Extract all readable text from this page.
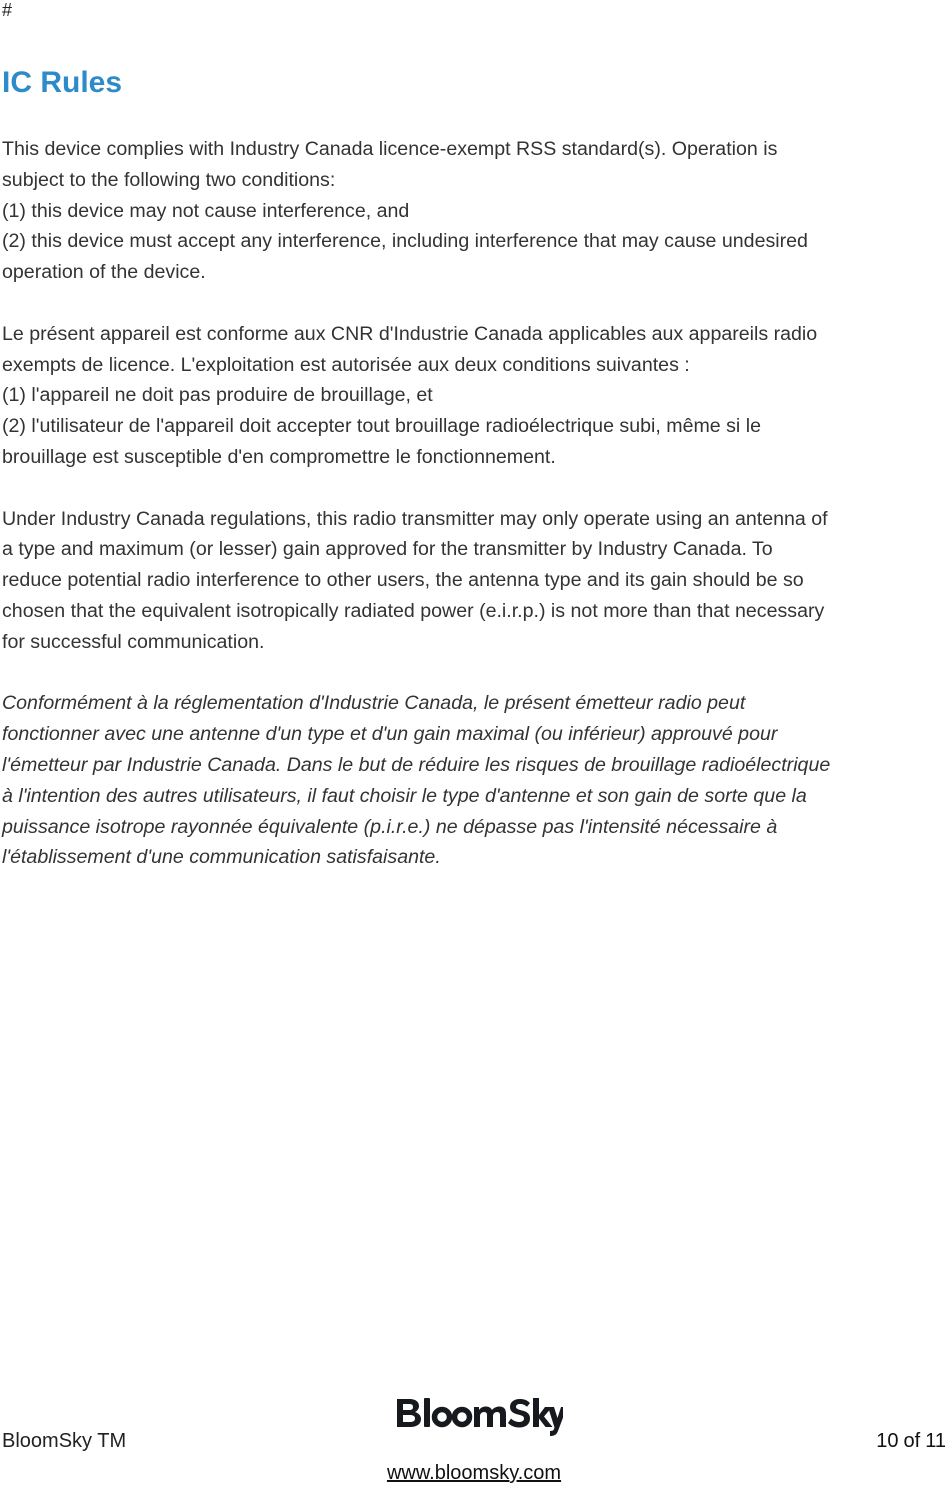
#
IC Rules

This device complies with Industry Canada licence-exempt RSS standard(s). Operation is
subject to the following two conditions:
(1) this device may not cause interference, and
(2) this device must accept any interference, including interference that may cause undesired
operation of the device.

Le présent appareil est conforme aux CNR d'Industrie Canada applicables aux appareils radio
exempts de licence. L'exploitation est autorisée aux deux conditions suivantes :
(1) l'appareil ne doit pas produire de brouillage, et
(2) l'utilisateur de l'appareil doit accepter tout brouillage radioélectrique subi, même si le
brouillage est susceptible d'en compromettre le fonctionnement.

Under Industry Canada regulations, this radio transmitter may only operate using an antenna of
a type and maximum (or lesser) gain approved for the transmitter by Industry Canada. To
reduce potential radio interference to other users, the antenna type and its gain should be so
chosen that the equivalent isotropically radiated power (e.i.r.p.) is not more than that necessary
for successful communication.

Conformément à la réglementation d'Industrie Canada, le présent émetteur radio peut
fonctionner avec une antenne d'un type et d'un gain maximal (ou inférieur) approuvé pour
l'émetteur par Industrie Canada. Dans le but de réduire les risques de brouillage radioélectrique
à l'intention des autres utilisateurs, il faut choisir le type d'antenne et son gain de sorte que la
puissance isotrope rayonnée équivalente (p.i.r.e.) ne dépasse pas l'intensité nécessaire à
l'établissement d'une communication satisfaisante.

BloomSky TM	10 of 11
www.bloomsky.com
